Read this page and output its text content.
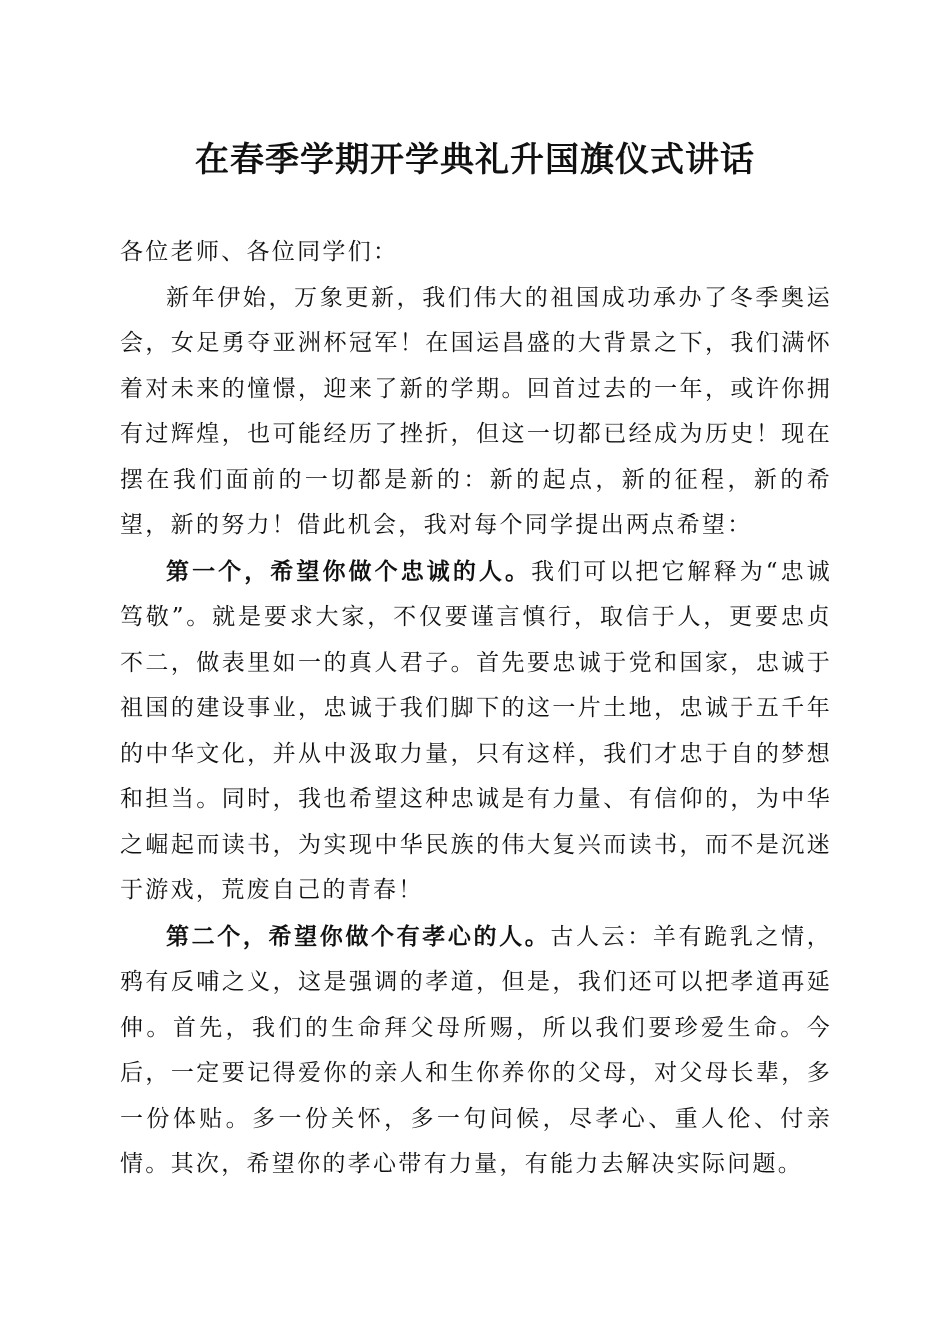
在春季学期开学典礼升国旗仪式讲话

各位老师、各位同学们：

新年伊始，万象更新，我们伟大的祖国成功承办了冬季奥运会，女足勇夺亚洲杯冠军！在国运昌盛的大背景之下，我们满怀着对未来的憧憬，迎来了新的学期。回首过去的一年，或许你拥有过辉煌，也可能经历了挫折，但这一切都已经成为历史！现在摆在我们面前的一切都是新的：新的起点，新的征程，新的希望，新的努力！借此机会，我对每个同学提出两点希望：

第一个，希望你做个忠诚的人。我们可以把它解释为“忠诚笃敬”。就是要求大家，不仅要谨言慎行，取信于人，更要忠贞不二，做表里如一的真人君子。首先要忠诚于党和国家，忠诚于祖国的建设事业，忠诚于我们脚下的这一片土地，忠诚于五千年的中华文化，并从中汲取力量，只有这样，我们才忠于自的梦想和担当。同时，我也希望这种忠诚是有力量、有信仰的，为中华之崛起而读书，为实现中华民族的伟大复兴而读书，而不是沉迷于游戏，荒废自己的青春！

第二个，希望你做个有孝心的人。古人云：羊有跪乳之情，鸦有反哺之义，这是强调的孝道，但是，我们还可以把孝道再延伸。首先，我们的生命拜父母所赐，所以我们要珍爱生命。今后，一定要记得爱你的亲人和生你养你的父母，对父母长辈，多一份体贴。多一份关怀，多一句问候，尽孝心、重人伦、付亲情。其次，希望你的孝心带有力量，有能力去解决实际问题。
